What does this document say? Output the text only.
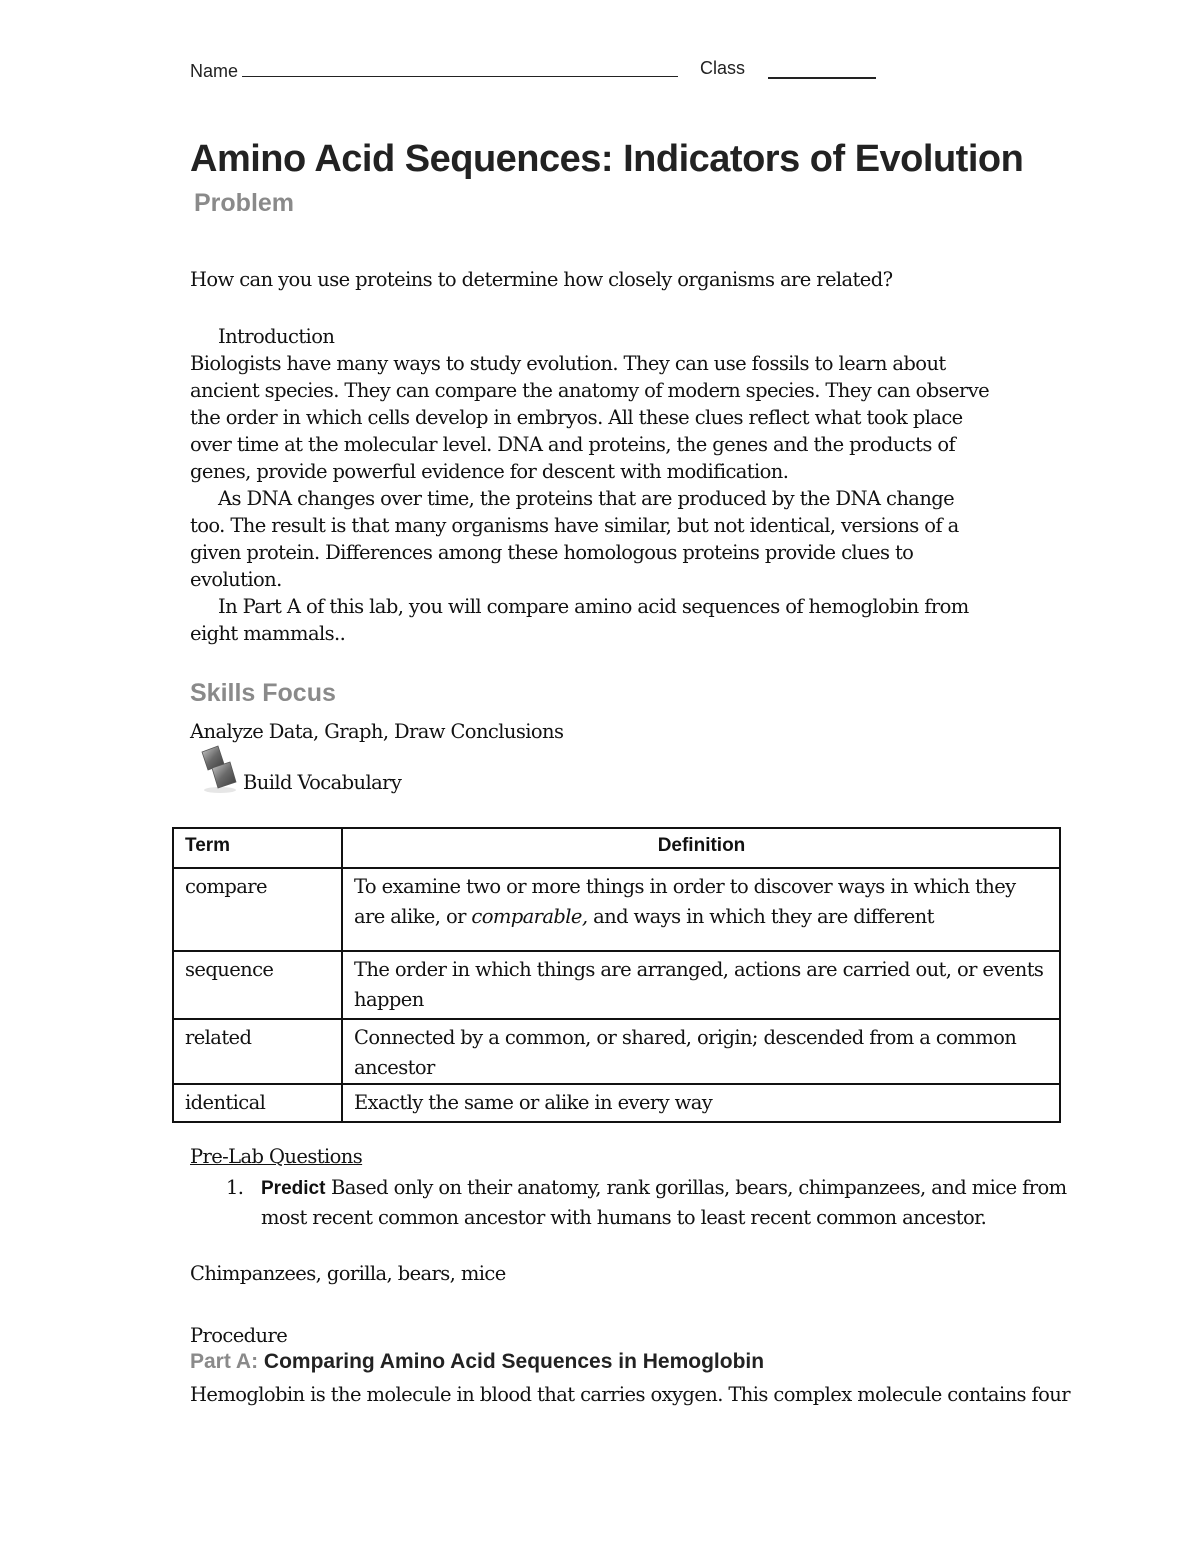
Name	Class
Amino Acid Sequences: Indicators of Evolution
Problem
How can you use proteins to determine how closely organisms are related?

Introduction

Biologists have many ways to study evolution. They can use fossils to learn about ancient species. They can compare the anatomy of modern species. They can observe the order in which cells develop in embryos. All these clues reflect what took place over time at the molecular level. DNA and proteins, the genes and the products of genes, provide powerful evidence for descent with modification.

As DNA changes over time, the proteins that are produced by the DNA change too. The result is that many organisms have similar, but not identical, versions of a given protein. Differences among these homologous proteins provide clues to evolution.

In Part A of this lab, you will compare amino acid sequences of hemoglobin from eight mammals..

Skills Focus
Analyze Data, Graph, Draw Conclusions
Build Vocabulary
Term	Definition
compare	To examine two or more things in order to discover ways in which they are alike, or comparable, and ways in which they are different
sequence	The order in which things are arranged, actions are carried out, or events happen
related	Connected by a common, or shared, origin; descended from a common ancestor
identical	Exactly the same or alike in every way
Pre-Lab Questions
1. Predict Based only on their anatomy, rank gorillas, bears, chimpanzees, and mice from most recent common ancestor with humans to least recent common ancestor.
Chimpanzees, gorilla, bears, mice
Procedure
Part A: Comparing Amino Acid Sequences in Hemoglobin
Hemoglobin is the molecule in blood that carries oxygen. This complex molecule contains four
